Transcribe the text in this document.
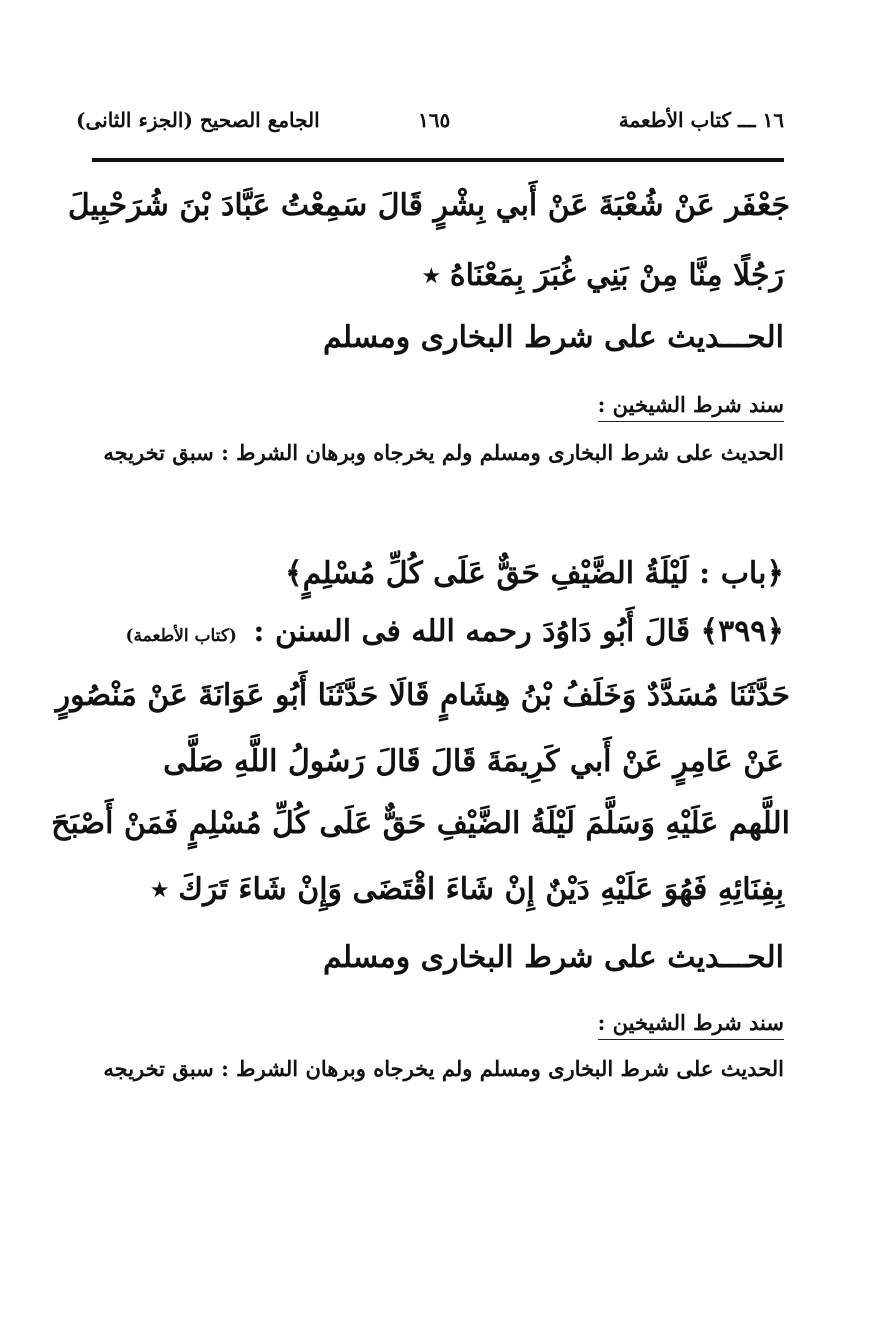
١٦ ـــ كتاب الأطعمة
١٦٥
الجامع الصحيح (الجزء الثانى)
جَعْفَر عَنْ شُعْبَةَ عَنْ أَبي بِشْرٍ قَالَ سَمِعْتُ عَبَّادَ بْنَ شُرَحْبِيلَ
رَجُلًا مِنَّا مِنْ بَنِي غُبَرَ بِمَعْنَاهُ ٭
الحـــديث على شرط البخارى ومسلم
سند شرط الشيخين :
الحديث على شرط البخارى ومسلم ولم يخرجاه وبرهان الشرط : سبق تخريجه
﴿باب : لَيْلَةُ الضَّيْفِ حَقٌّ عَلَى كُلِّ مُسْلِمٍ﴾
﴿٣٩٩﴾ قَالَ أَبُو دَاوُدَ رحمه الله فى السنن : (كتاب الأطعمة)
حَدَّثَنَا مُسَدَّدٌ وَخَلَفُ بْنُ هِشَامٍ قَالَا حَدَّثَنَا أَبُو عَوَانَةَ عَنْ مَنْصُورٍ
عَنْ عَامِرٍ عَنْ أَبي كَرِيمَةَ قَالَ قَالَ رَسُولُ اللَّهِ صَلَّى
اللَّهم عَلَيْهِ وَسَلَّمَ لَيْلَةُ الضَّيْفِ حَقٌّ عَلَى كُلِّ مُسْلِمٍ فَمَنْ أَصْبَحَ
بِفِنَائِهِ فَهُوَ عَلَيْهِ دَيْنٌ إِنْ شَاءَ اقْتَضَى وَإِنْ شَاءَ تَرَكَ ٭
الحـــديث على شرط البخارى ومسلم
سند شرط الشيخين :
الحديث على شرط البخارى ومسلم ولم يخرجاه وبرهان الشرط : سبق تخريجه
